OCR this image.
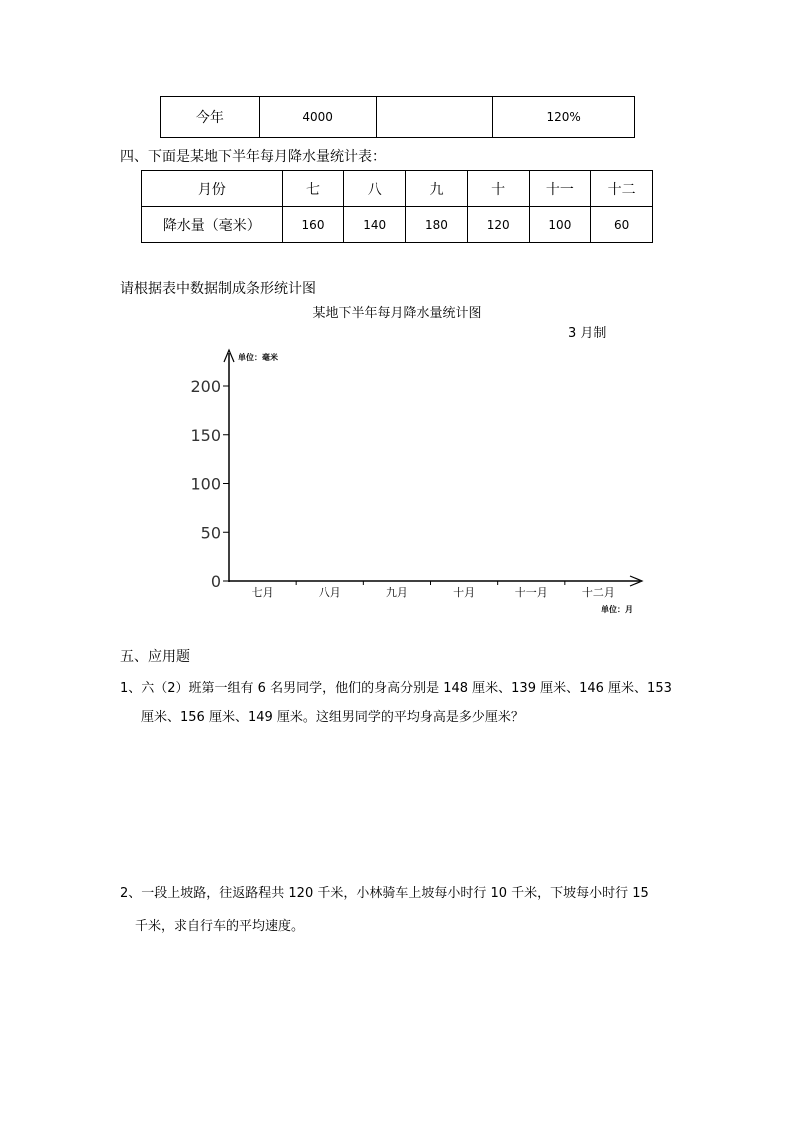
今年	4000		120%
四、下面是某地下半年每月降水量统计表：
月份	七	八	九	十	十一	十二
降水量（毫米）	160	140	180	120	100	60
请根据表中数据制成条形统计图
某地下半年每月降水量统计图
3 月制
单位：毫米
单位：月
0
50
100
150
200
七月	八月	九月	十月	十一月	十二月
五、应用题
1、六（2）班第一组有 6 名男同学，他们的身高分别是 148 厘米、139 厘米、146 厘米、153
厘米、156 厘米、149 厘米。这组男同学的平均身高是多少厘米？
2、一段上坡路，往返路程共 120 千米，小林骑车上坡每小时行 10 千米，下坡每小时行 15
千米，求自行车的平均速度。
